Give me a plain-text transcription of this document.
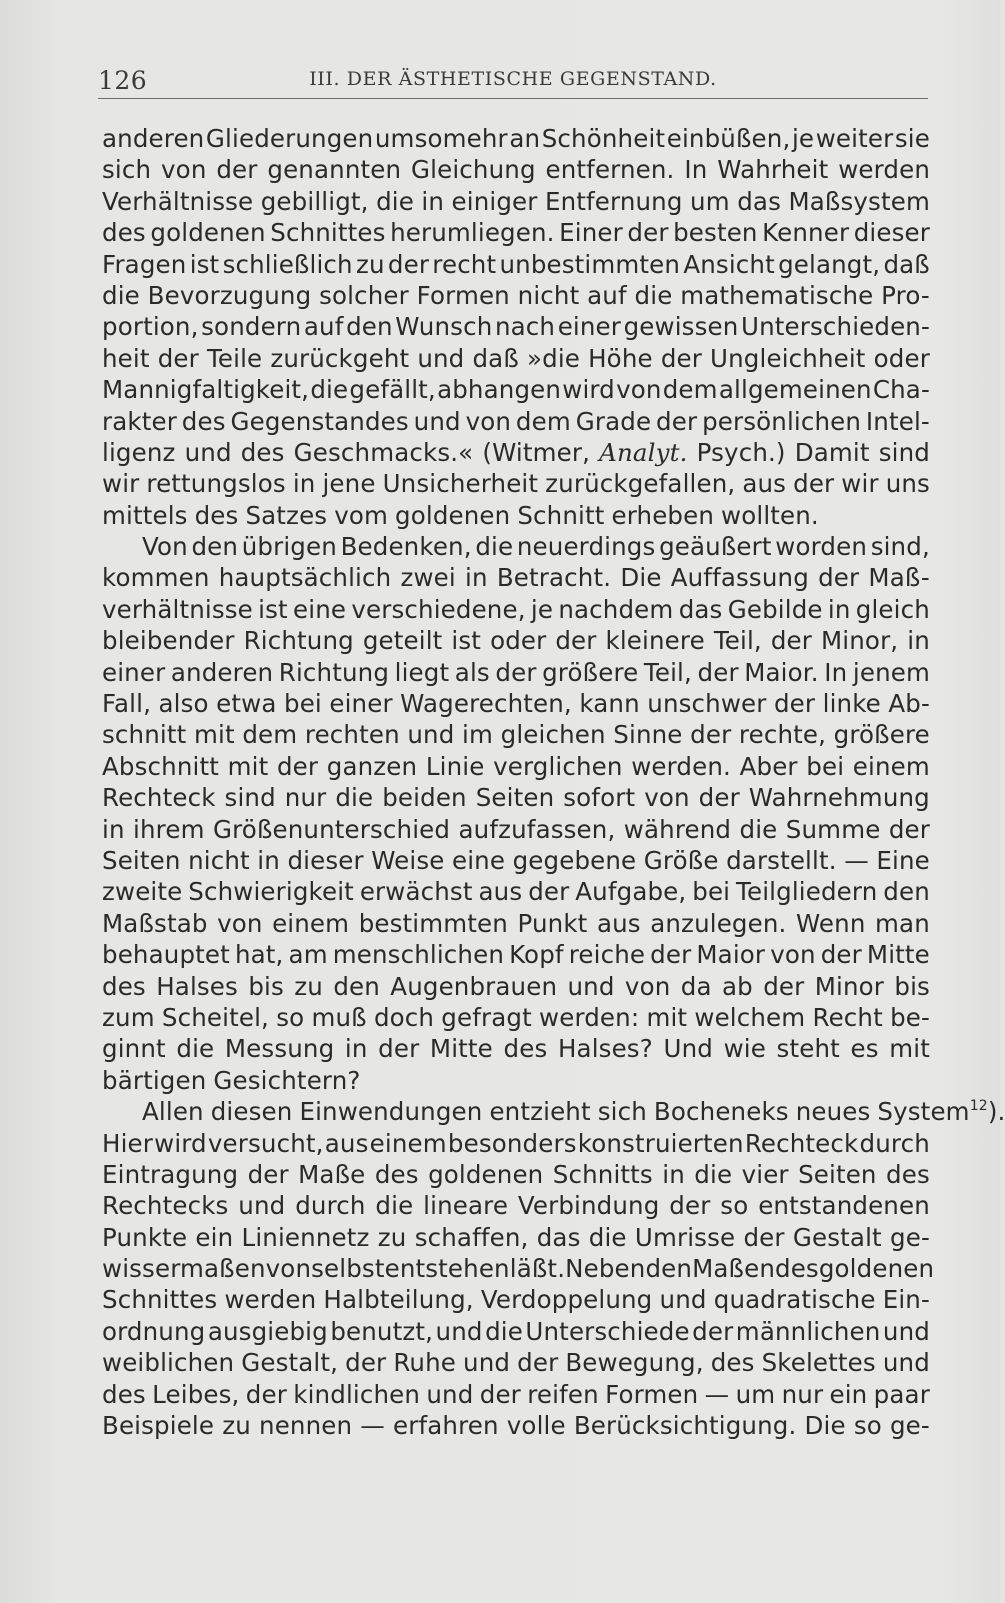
126	III. DER ÄSTHETISCHE GEGENSTAND.
anderen Gliederungen umsomehr an Schönheit einbüßen, je weiter sie
sich von der genannten Gleichung entfernen. In Wahrheit werden
Verhältnisse gebilligt, die in einiger Entfernung um das Maßsystem
des goldenen Schnittes herumliegen. Einer der besten Kenner dieser
Fragen ist schließlich zu der recht unbestimmten Ansicht gelangt, daß
die Bevorzugung solcher Formen nicht auf die mathematische Pro-
portion, sondern auf den Wunsch nach einer gewissen Unterschieden-
heit der Teile zurückgeht und daß »die Höhe der Ungleichheit oder
Mannigfaltigkeit, die gefällt, abhangen wird von dem allgemeinen Cha-
rakter des Gegenstandes und von dem Grade der persönlichen Intel-
ligenz und des Geschmacks.« (Witmer, Analyt. Psych.) Damit sind
wir rettungslos in jene Unsicherheit zurückgefallen, aus der wir uns
mittels des Satzes vom goldenen Schnitt erheben wollten.
Von den übrigen Bedenken, die neuerdings geäußert worden sind,
kommen hauptsächlich zwei in Betracht. Die Auffassung der Maß-
verhältnisse ist eine verschiedene, je nachdem das Gebilde in gleich
bleibender Richtung geteilt ist oder der kleinere Teil, der Minor, in
einer anderen Richtung liegt als der größere Teil, der Maior. In jenem
Fall, also etwa bei einer Wagerechten, kann unschwer der linke Ab-
schnitt mit dem rechten und im gleichen Sinne der rechte, größere
Abschnitt mit der ganzen Linie verglichen werden. Aber bei einem
Rechteck sind nur die beiden Seiten sofort von der Wahrnehmung
in ihrem Größenunterschied aufzufassen, während die Summe der
Seiten nicht in dieser Weise eine gegebene Größe darstellt. — Eine
zweite Schwierigkeit erwächst aus der Aufgabe, bei Teilgliedern den
Maßstab von einem bestimmten Punkt aus anzulegen. Wenn man
behauptet hat, am menschlichen Kopf reiche der Maior von der Mitte
des Halses bis zu den Augenbrauen und von da ab der Minor bis
zum Scheitel, so muß doch gefragt werden: mit welchem Recht be-
ginnt die Messung in der Mitte des Halses? Und wie steht es mit
bärtigen Gesichtern?
Allen diesen Einwendungen entzieht sich Bocheneks neues System$^{12}$).
Hier wird versucht, aus einem besonders konstruierten Rechteck durch
Eintragung der Maße des goldenen Schnitts in die vier Seiten des
Rechtecks und durch die lineare Verbindung der so entstandenen
Punkte ein Liniennetz zu schaffen, das die Umrisse der Gestalt ge-
wissermaßen von selbst entstehen läßt. Neben den Maßen des goldenen
Schnittes werden Halbteilung, Verdoppelung und quadratische Ein-
ordnung ausgiebig benutzt, und die Unterschiede der männlichen und
weiblichen Gestalt, der Ruhe und der Bewegung, des Skelettes und
des Leibes, der kindlichen und der reifen Formen — um nur ein paar
Beispiele zu nennen — erfahren volle Berücksichtigung. Die so ge-
